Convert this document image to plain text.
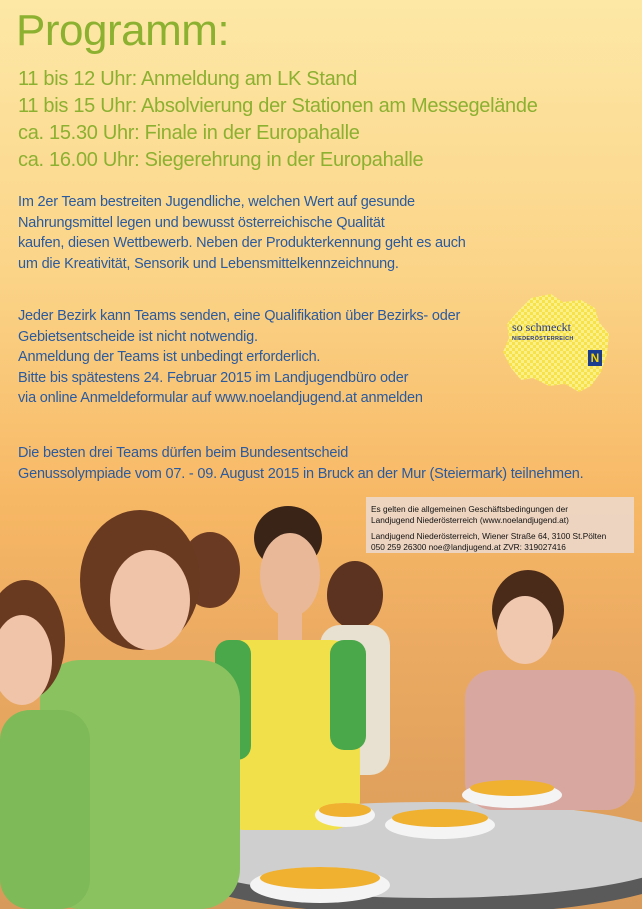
Programm:
11 bis 12 Uhr: Anmeldung am LK Stand
11 bis 15 Uhr: Absolvierung der Stationen am Messegelände
ca. 15.30 Uhr: Finale in der Europahalle
ca. 16.00 Uhr: Siegerehrung in der Europahalle

Im 2er Team bestreiten Jugendliche, welchen Wert auf gesunde
Nahrungsmittel legen und bewusst österreichische Qualität
kaufen, diesen Wettbewerb. Neben der Produkterkennung geht es auch
um die Kreativität, Sensorik und Lebensmittelkennzeichnung.

Jeder Bezirk kann Teams senden, eine Qualifikation über Bezirks- oder
Gebietsentscheide ist nicht notwendig.
Anmeldung der Teams ist unbedingt erforderlich.
Bitte bis spätestens 24. Februar 2015 im Landjugendbüro oder
via online Anmeldeformular auf www.noelandjugend.at anmelden

Die besten drei Teams dürfen beim Bundesentscheid
Genussolympiade vom 07. - 09. August 2015 in Bruck an der Mur (Steiermark) teilnehmen.

so schmeckt
NIEDERÖSTERREICH
N
Es gelten die allgemeinen Geschäftsbedingungen der
Landjugend Niederösterreich (www.noelandjugend.at)
Landjugend Niederösterreich, Wiener Straße 64, 3100 St.Pölten
050 259 26300 noe@landjugend.at ZVR: 319027416
